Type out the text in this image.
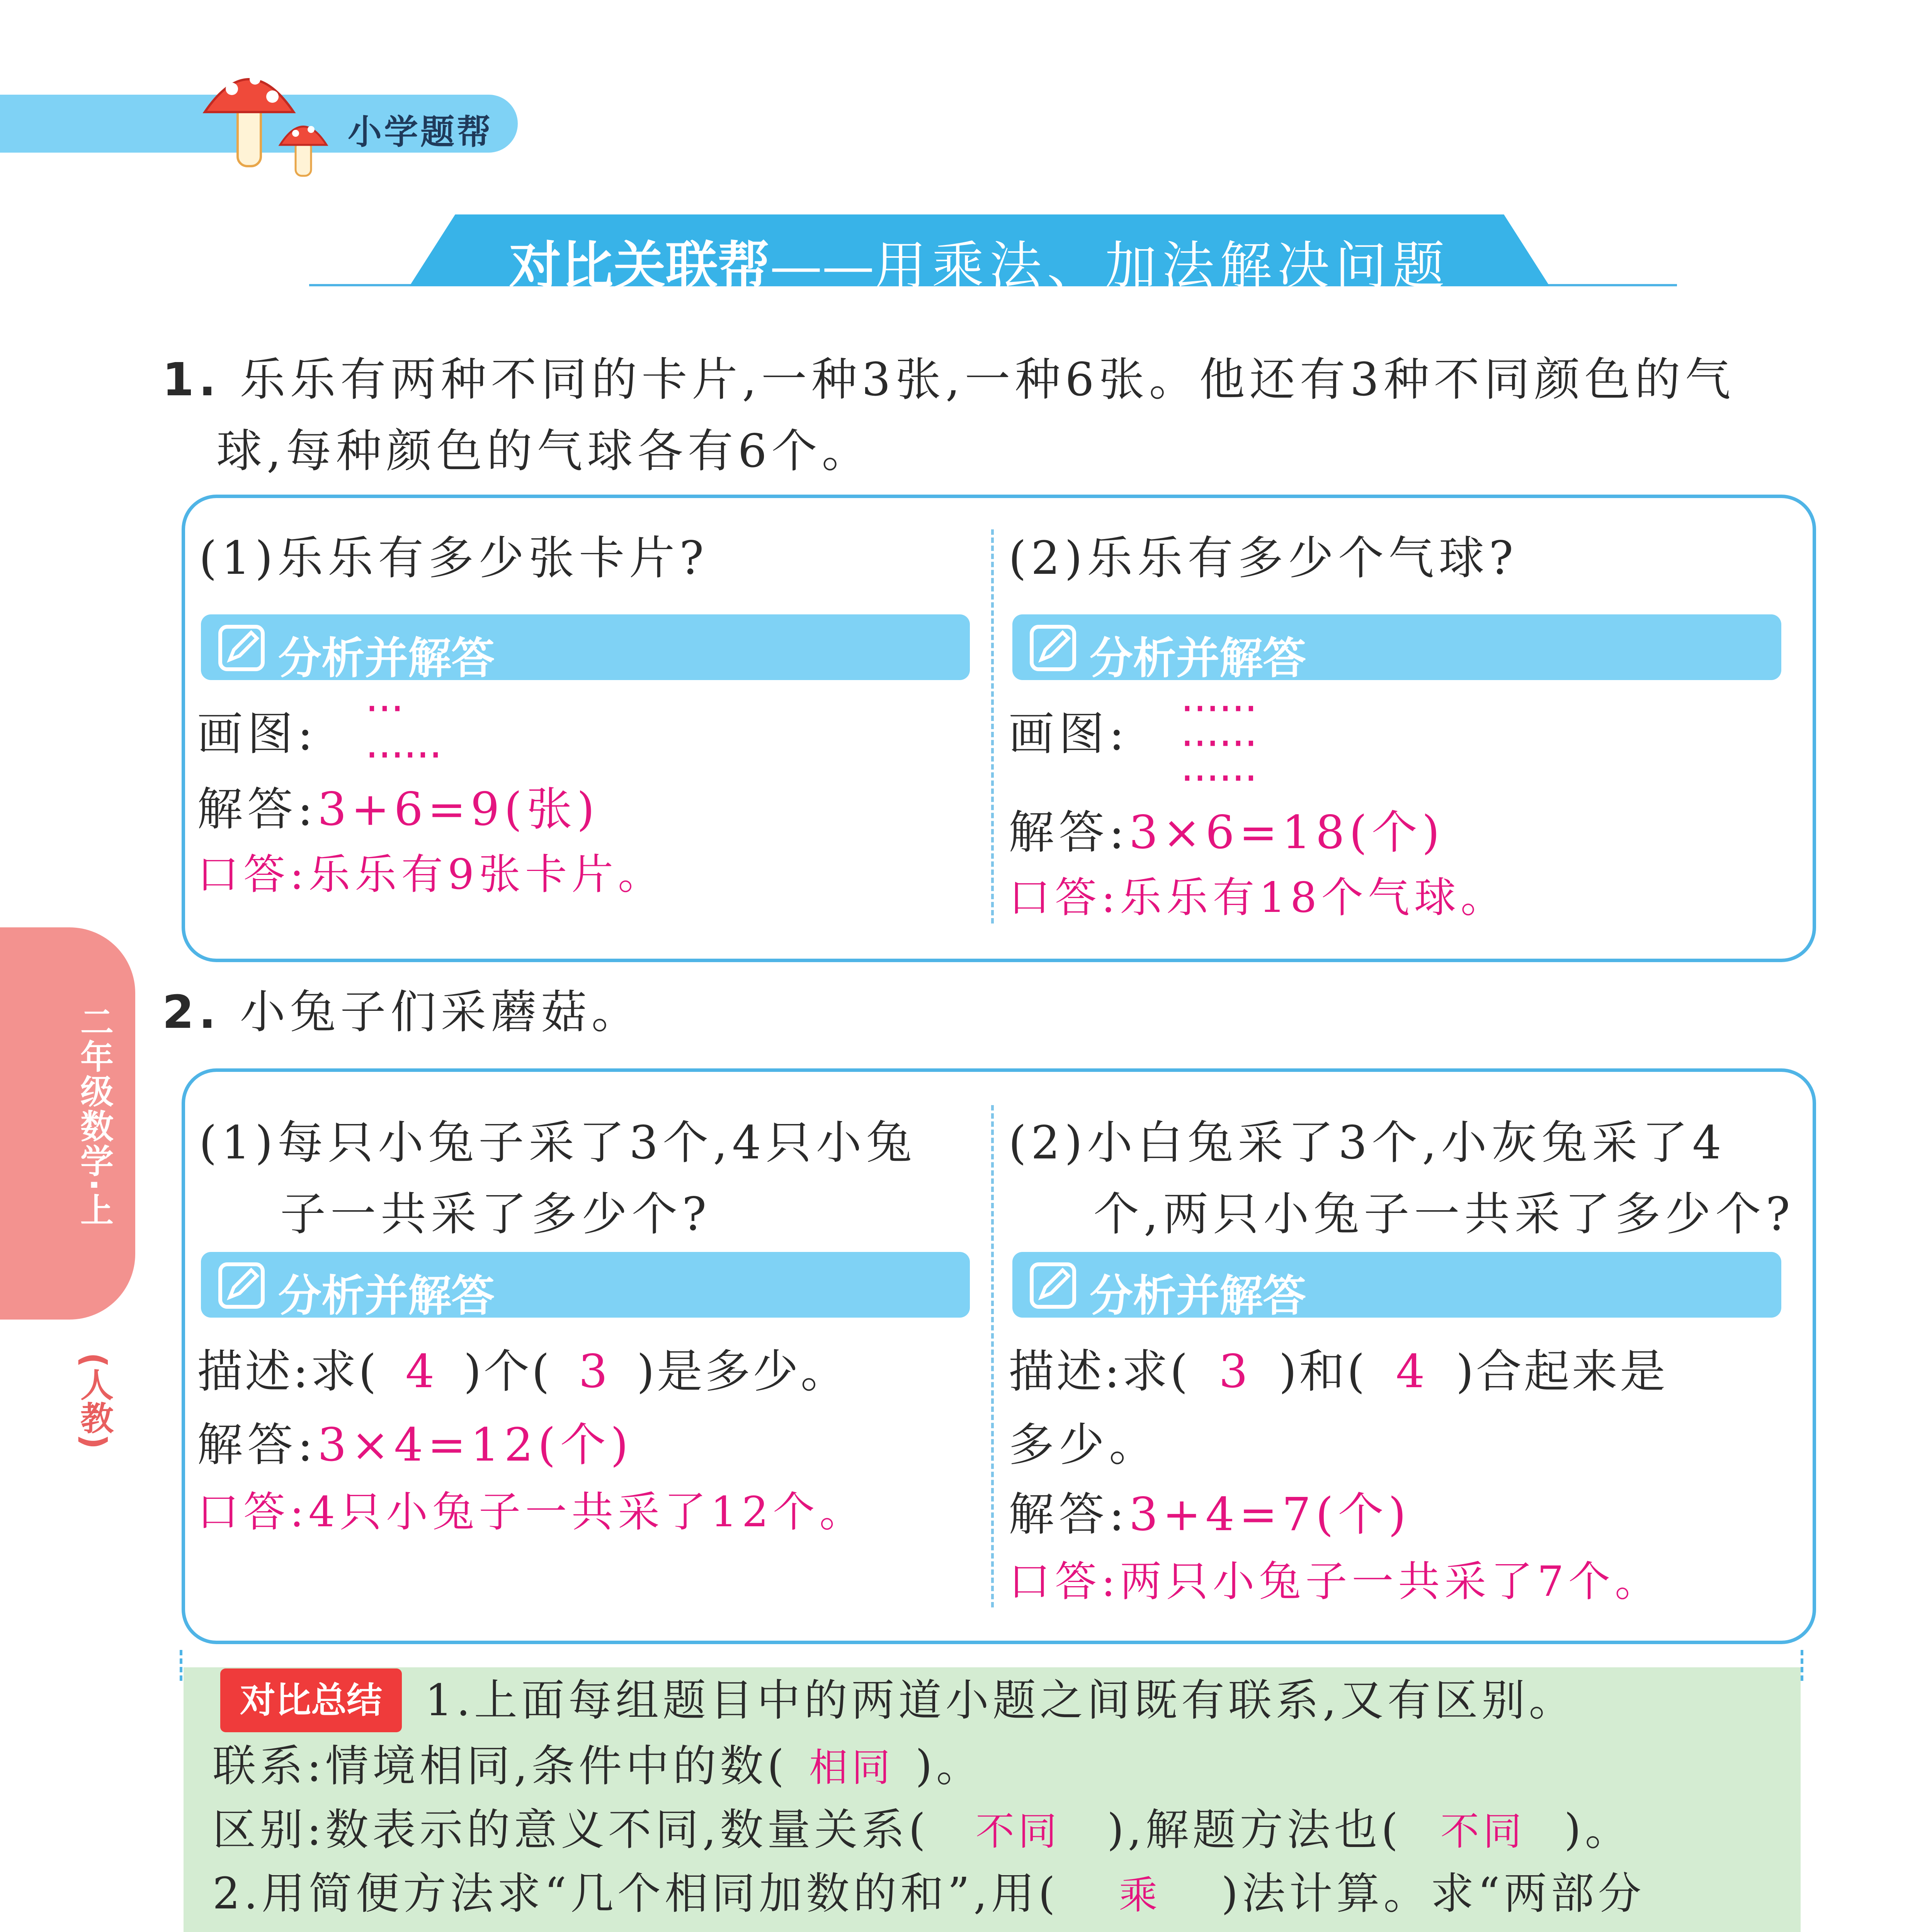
小学题帮
对比关联帮——用乘法、加法解决问题
二年级数学·上
(人教)
1. 乐乐有两种不同的卡片,一种3张,一种6张。他还有3种不同颜色的气
球,每种颜色的气球各有6个。
(1)乐乐有多少张卡片?
分析并解答
画图: ···
······
解答:3+6=9(张)
口答:乐乐有9张卡片。
(2)乐乐有多少个气球?
分析并解答
画图: ······
······
······
解答:3×6=18(个)
口答:乐乐有18个气球。
2. 小兔子们采蘑菇。
(1)每只小兔子采了3个,4只小兔
子一共采了多少个?
分析并解答
描述:求( 4 )个( 3 )是多少。
解答:3×4=12(个)
口答:4只小兔子一共采了12个。
(2)小白兔采了3个,小灰兔采了4
个,两只小兔子一共采了多少个?
分析并解答
描述:求( 3 )和( 4 )合起来是
多少。
解答:3+4=7(个)
口答:两只小兔子一共采了7个。
对比总结 1.上面每组题目中的两道小题之间既有联系,又有区别。
联系:情境相同,条件中的数( 相同 )。
区别:数表示的意义不同,数量关系( 不同 ),解题方法也( 不同 )。
2.用简便方法求“几个相同加数的和”,用( 乘 )法计算。求“两部分
